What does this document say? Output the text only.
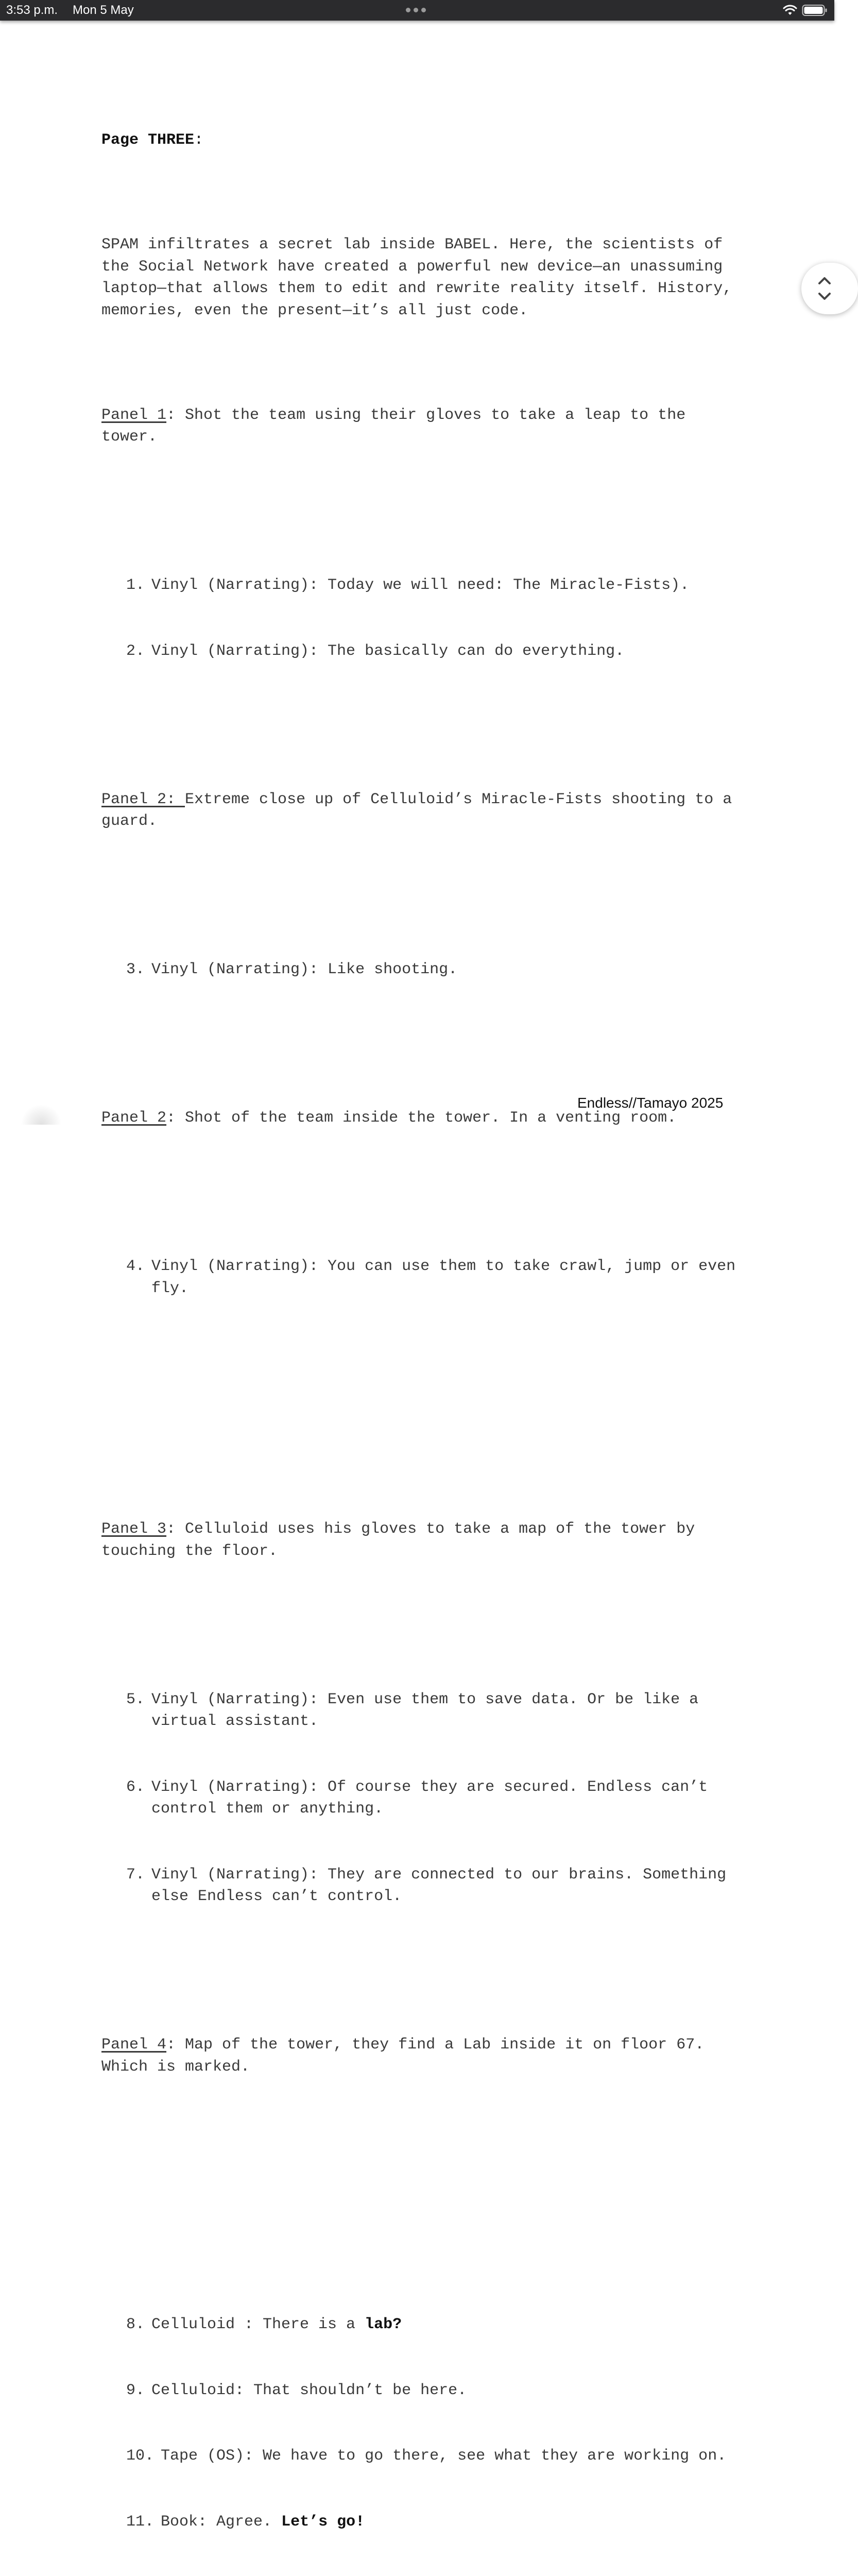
3:53 p.m. Mon 5 May

Page THREE:

SPAM infiltrates a secret lab inside BABEL. Here, the scientists of the Social Network have created a powerful new device—an unassuming laptop—that allows them to edit and rewrite reality itself. History, memories, even the present—it’s all just code.

Panel 1: Shot the team using their gloves to take a leap to the tower.

1. Vinyl (Narrating): Today we will need: The Miracle-Fists).

2. Vinyl (Narrating): The basically can do everything.

Panel 2: Extreme close up of Celluloid’s Miracle-Fists shooting to a guard.

3. Vinyl (Narrating): Like shooting.

Panel 2: Shot of the team inside the tower. In a venting room.

4. Vinyl (Narrating): You can use them to take crawl, jump or even fly.

Panel 3: Celluloid uses his gloves to take a map of the tower by touching the floor.

5. Vinyl (Narrating): Even use them to save data. Or be like a virtual assistant.

6. Vinyl (Narrating): Of course they are secured. Endless can’t control them or anything.

7. Vinyl (Narrating): They are connected to our brains. Something else Endless can’t control.

Panel 4: Map of the tower, they find a Lab inside it on floor 67. Which is marked.

8. Celluloid : There is a lab?

9. Celluloid: That shouldn’t be here.

10.
Tape (OS): We have to go there, see what they are working on.

11.
Book: Agree. Let’s go!

Endless//Tamayo 2025
